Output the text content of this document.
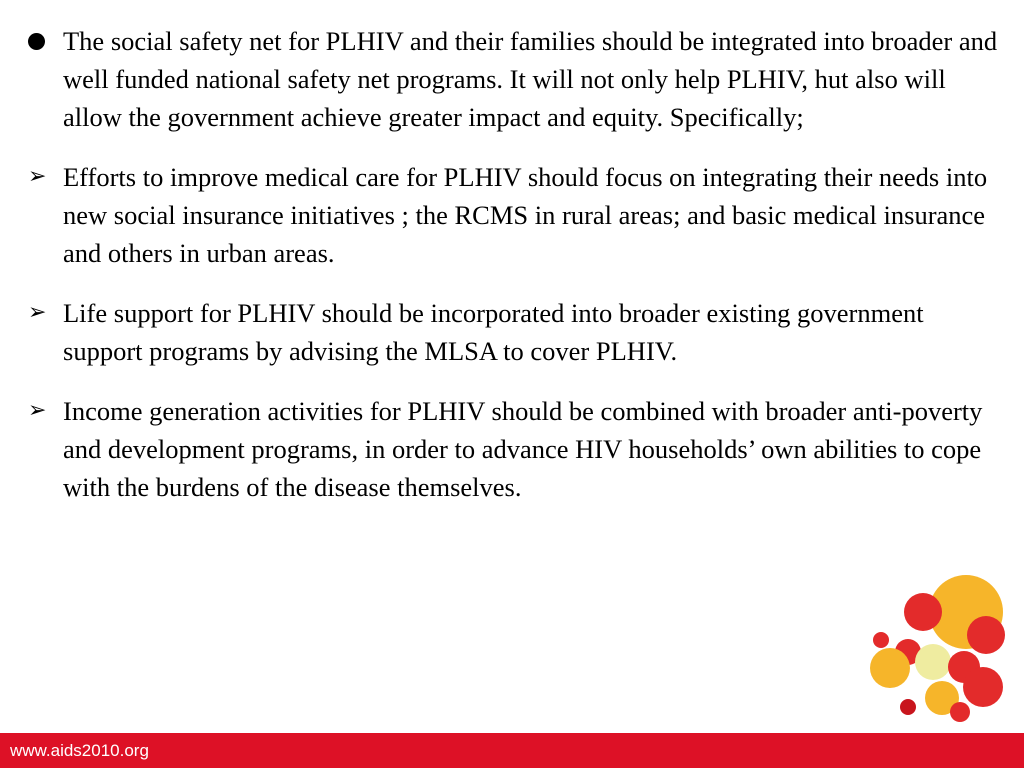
The social safety net for PLHIV and their families should be integrated into broader and well funded national safety net programs. It will not only help PLHIV, hut also will allow the government achieve greater impact and equity. Specifically;
➢ Efforts to improve medical care for PLHIV should focus on integrating their needs into new social insurance initiatives ; the RCMS in rural areas; and basic medical insurance and others in urban areas.
➢ Life support for PLHIV should be incorporated into broader existing government support programs by advising the MLSA to cover PLHIV.
➢ Income generation activities for PLHIV should be combined with broader anti-poverty and development programs, in order to advance HIV households’ own abilities to cope with the burdens of the disease themselves.
www.aids2010.org
